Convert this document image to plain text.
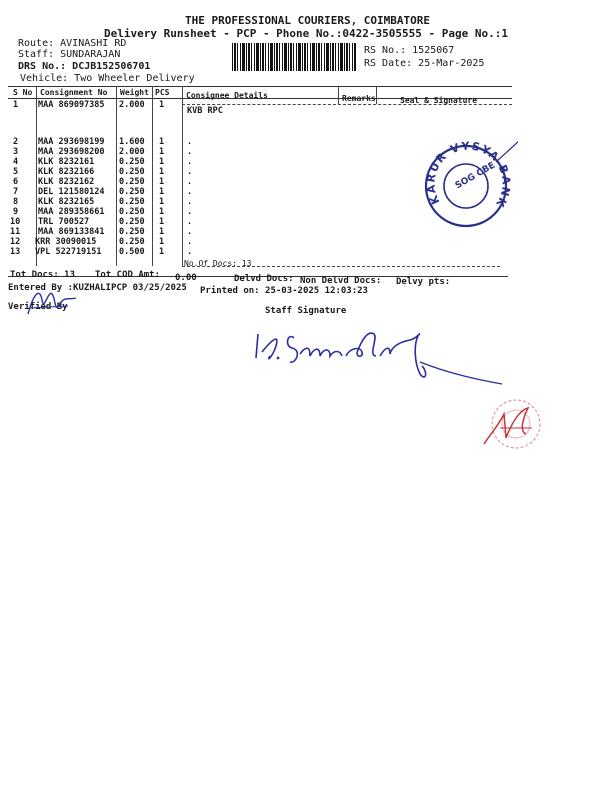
THE PROFESSIONAL COURIERS, COIMBATORE
Delivery Runsheet - PCP - Phone No.:0422-3505555 - Page No.:1
Route: AVINASHI RD
Staff: SUNDARAJAN
DRS No.: DCJB152506701
Vehicle: Two Wheeler Delivery
RS No.: 1525067
RS Date: 25-Mar-2025
S No Consignment No Weight PCS Consignee Details	Remarks	Seal & Signature
1 MAA 869097385 2.000 1
KVB RPC
2 MAA 293698199 1.600 1	.
3 MAA 293698200 2.000 1	.
4 KLK 8232161	0.250 1	.
5 KLK 8232166	0.250 1	.
6 KLK 8232162	0.250 1	.
7 DEL 121580124 0.250 1	.
8 KLK 8232165	0.250 1	.
9 MAA 289358661 0.250 1	.
10 TRL 700527	0.250 1	.
11 MAA 869133841 0.250 1	.
12 KRR 30090015	0.250 1	.
13 VPL 522719151 0.500 1	.
No.Of Docs: 13
Tot Docs: 13 Tot COD Amt: 0.00	Delvd Docs: Non Delvd Docs: Delvy pts:
Entered By :KUZHALIPCP 03/25/2025 Printed on: 25-03-2025 12:03:23
Verified By	Staff Signature
KARUR VYSYA BANK
SOG CBE
